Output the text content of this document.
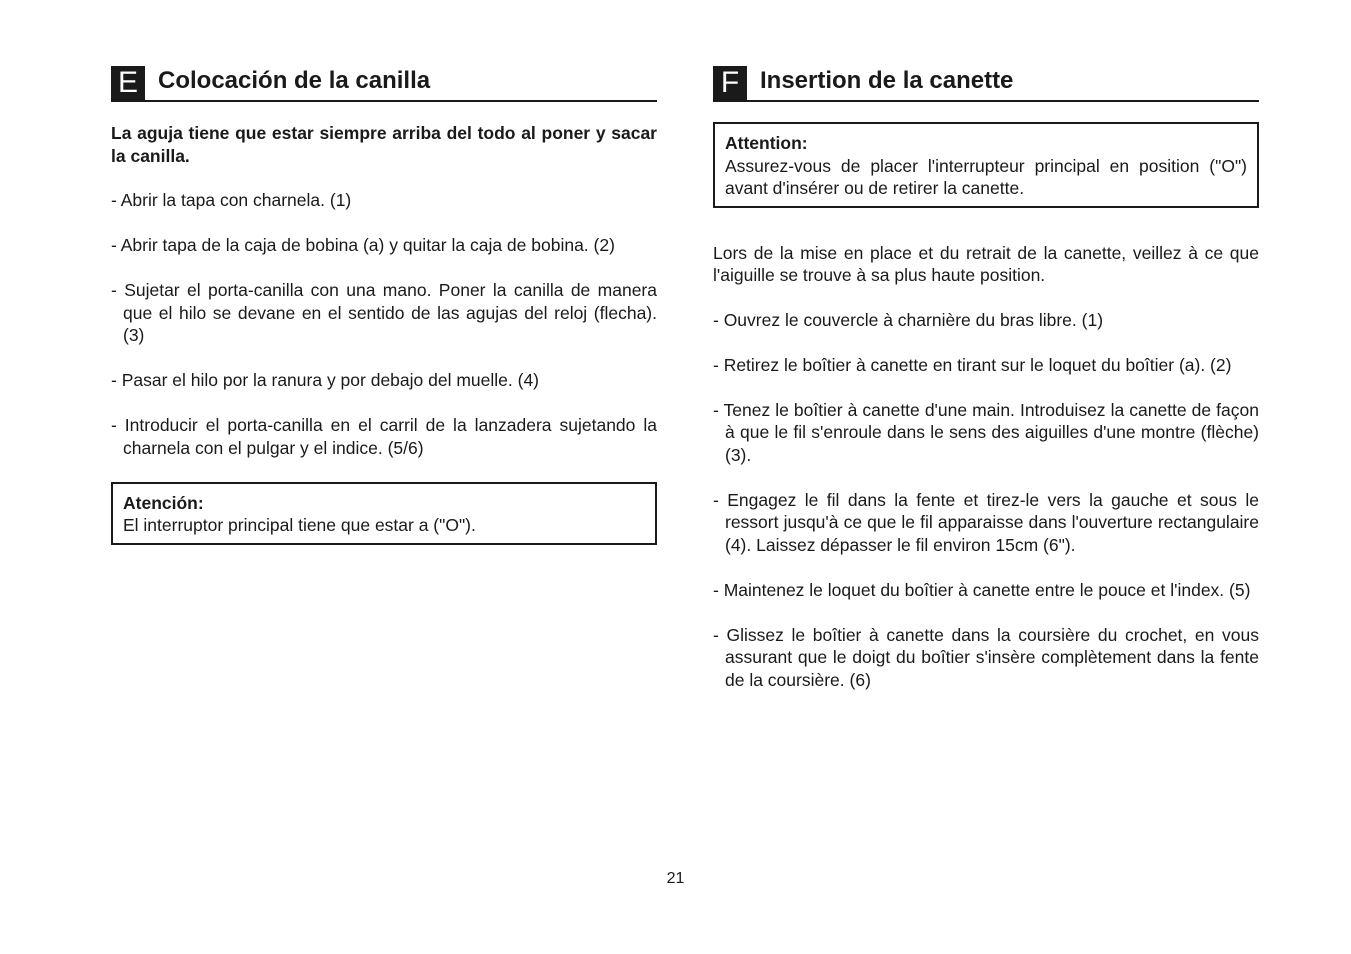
E Colocación de la canilla

La aguja tiene que estar siempre arriba del todo al poner y sacar la canilla.

- Abrir la tapa con charnela. (1)
- Abrir tapa de la caja de bobina (a) y quitar la caja de bobina. (2)
- Sujetar el porta-canilla con una mano. Poner la canilla de manera que el hilo se devane en el sentido de las agujas del reloj (flecha). (3)
- Pasar el hilo por la ranura y por debajo del muelle. (4)
- Introducir el porta-canilla en el carril de la lanzadera sujetando la charnela con el pulgar y el indice. (5/6)
Atención:
El interruptor principal tiene que estar a ("O").
F Insertion de la canette
Attention:
Assurez-vous de placer l'interrupteur principal en position ("O") avant d'insérer ou de retirer la canette.

Lors de la mise en place et du retrait de la canette, veillez à ce que l'aiguille se trouve à sa plus haute position.

- Ouvrez le couvercle à charnière du bras libre. (1)
- Retirez le boîtier à canette en tirant sur le loquet du boîtier (a). (2)
- Tenez le boîtier à canette d'une main. Introduisez la canette de façon à que le fil s'enroule dans le sens des aiguilles d'une montre (flèche) (3).
- Engagez le fil dans la fente et tirez-le vers la gauche et sous le ressort jusqu'à ce que le fil apparaisse dans l'ouverture rectangulaire (4). Laissez dépasser le fil environ 15cm (6").
- Maintenez le loquet du boîtier à canette entre le pouce et l'index. (5)
- Glissez le boîtier à canette dans la coursière du crochet, en vous assurant que le doigt du boîtier s'insère complètement dans la fente de la coursière. (6)
21
